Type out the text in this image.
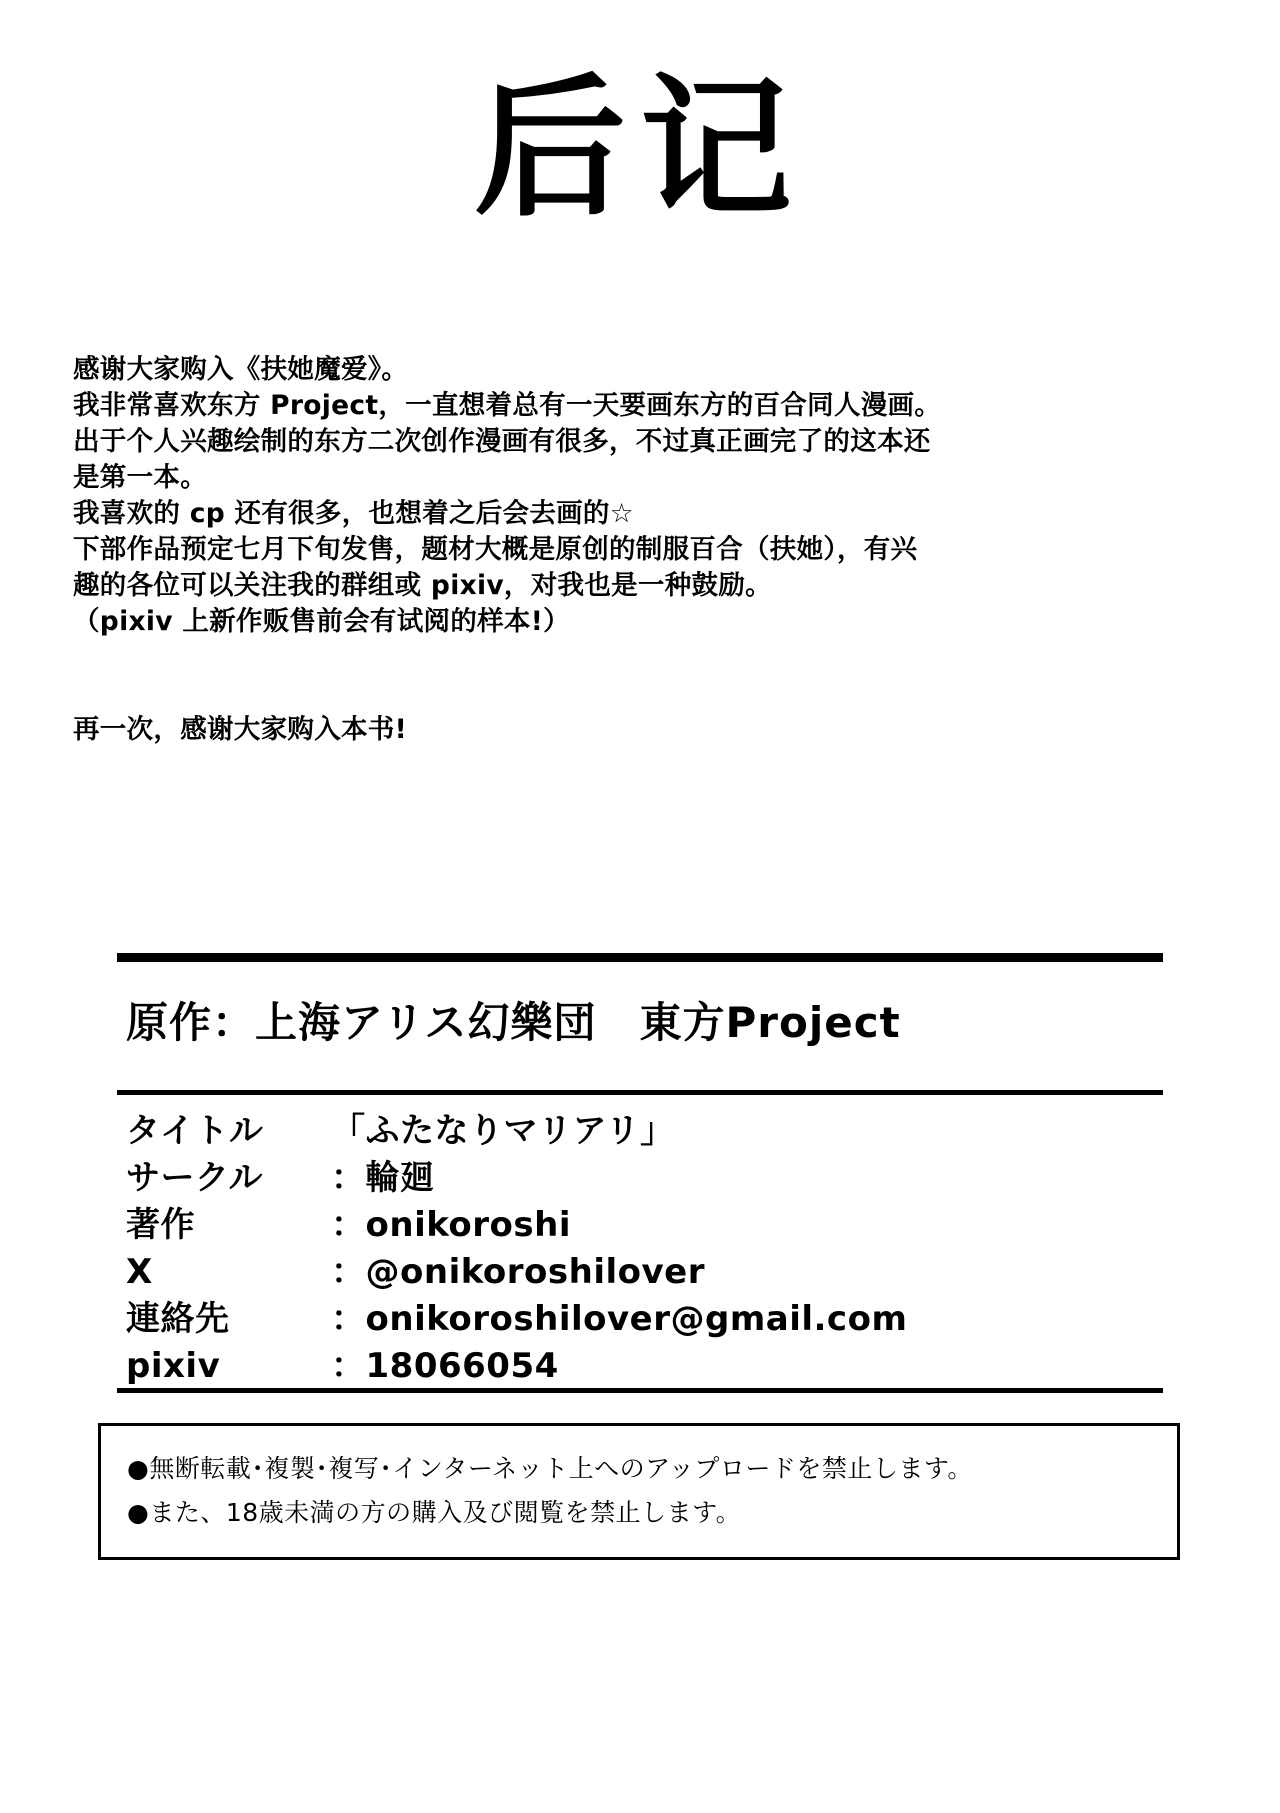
后记
感谢大家购入《扶她魔爱》。
我非常喜欢东方 Project，一直想着总有一天要画东方的百合同人漫画。
出于个人兴趣绘制的东方二次创作漫画有很多，不过真正画完了的这本还
是第一本。
我喜欢的 cp 还有很多，也想着之后会去画的☆
下部作品预定七月下旬发售，题材大概是原创的制服百合（扶她），有兴
趣的各位可以关注我的群组或 pixiv，对我也是一种鼓励。
（pixiv 上新作贩售前会有试阅的样本!）
再一次，感谢大家购入本书!
原作：上海アリス幻樂団　東方Project
タイトル	「ふたなりマリアリ」
サークル	：輪廻
著作	：onikoroshi
X	：@onikoroshilover
連絡先	：onikoroshilover@gmail.com
pixiv	：18066054
●無断転載･複製･複写･インターネット上へのアップロードを禁止します。
●また、18歳未満の方の購入及び閲覧を禁止します。
